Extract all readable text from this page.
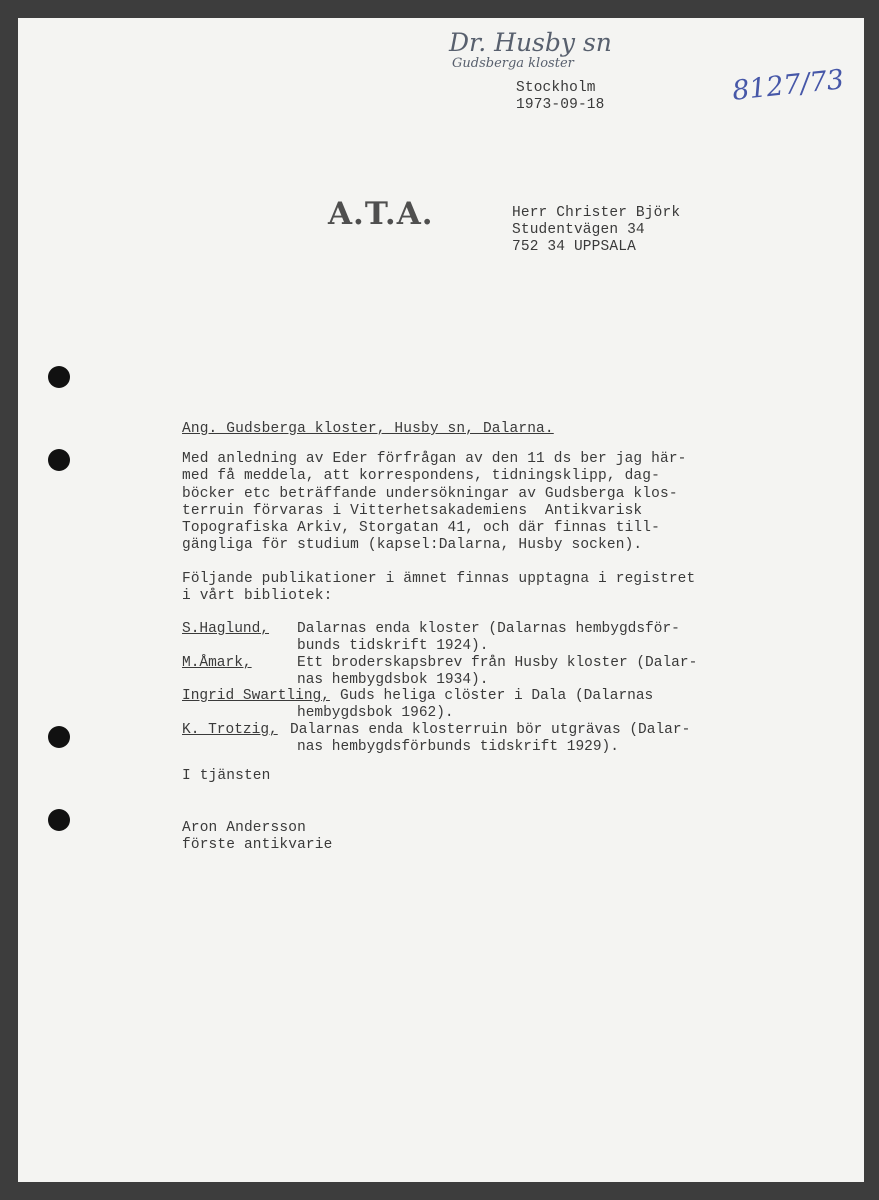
Dr. Husby sn
Gudsberga kloster
8127/73
Stockholm
1973-09-18
A.T.A.	Herr Christer Björk
Studentvägen 34
752 34 UPPSALA
Ang. Gudsberga kloster, Husby sn, Dalarna.
Med anledning av Eder förfrågan av den 11 ds ber jag här-
med få meddela, att korrespondens, tidningsklipp, dag-
böcker etc beträffande undersökningar av Gudsberga klos-
terruin förvaras i Vitterhetsakademiens  Antikvarisk
Topografiska Arkiv, Storgatan 41, och där finnas till-
gängliga för studium (kapsel:Dalarna, Husby socken).
Följande publikationer i ämnet finnas upptagna i registret
i vårt bibliotek:
S.Haglund, Dalarnas enda kloster (Dalarnas hembygdsför-
bunds tidskrift 1924).
M.Åmark,	Ett broderskapsbrev från Husby kloster (Dalar-
nas hembygdsbok 1934).
Ingrid Swartling, Guds heliga clöster i Dala (Dalarnas
hembygdsbok 1962).
K. Trotzig, Dalarnas enda klosterruin bör utgrävas (Dalar-
nas hembygdsförbunds tidskrift 1929).
I tjänsten
Aron Andersson
förste antikvarie
